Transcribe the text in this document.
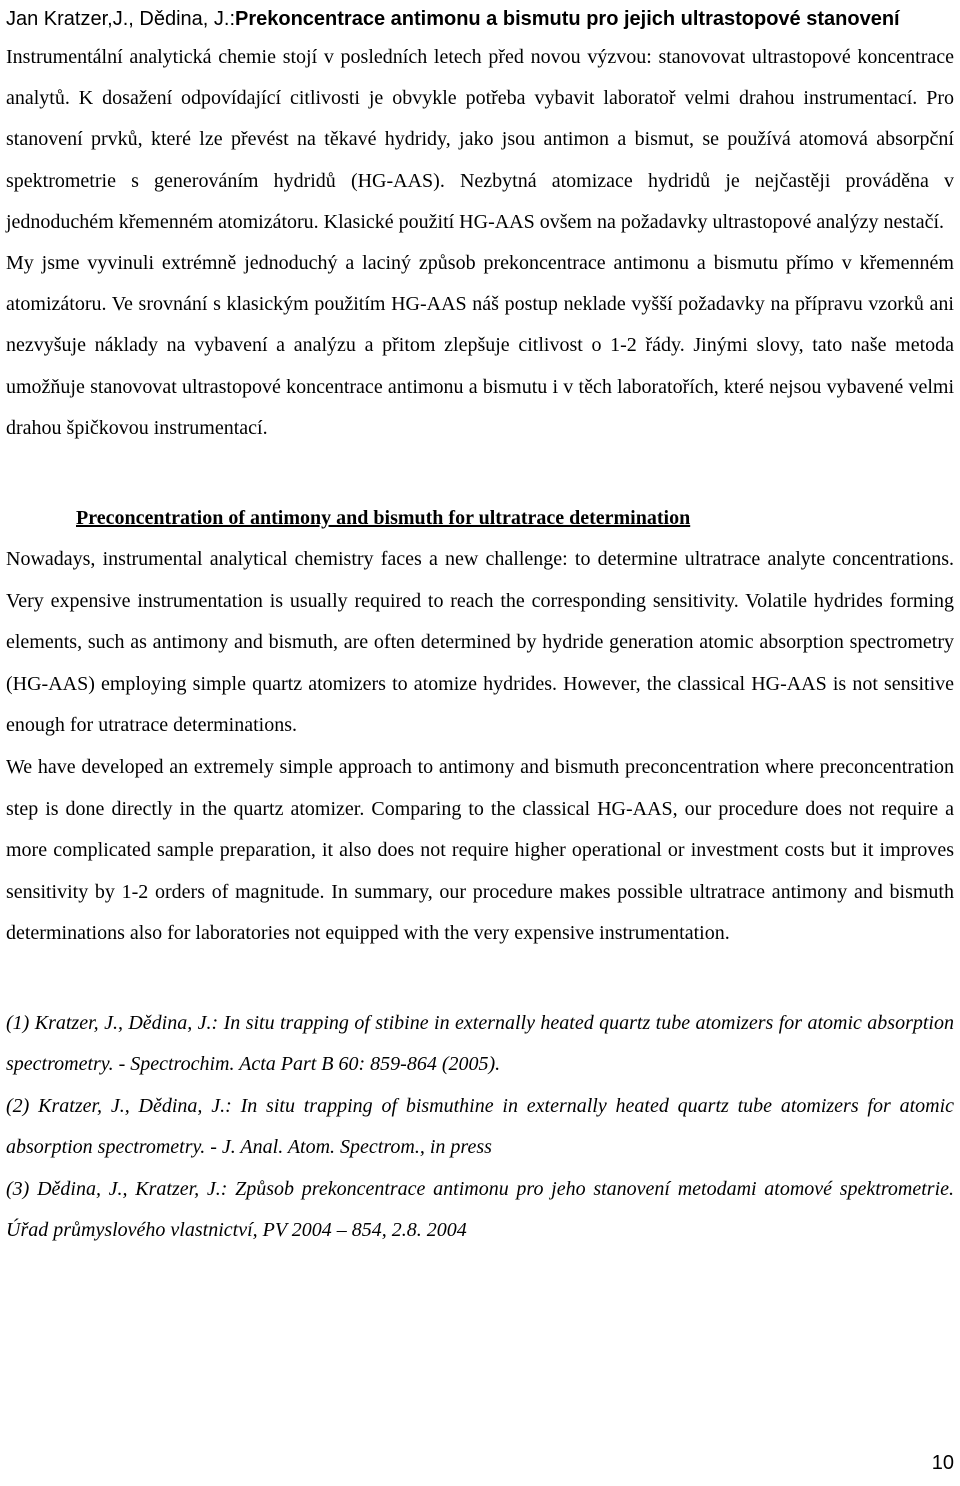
Jan Kratzer,J., Dědina, J.:Prekoncentrace antimonu a bismutu pro jejich ultrastopové stanovení

Instrumentální analytická chemie stojí v posledních letech před novou výzvou: stanovovat ultrastopové koncentrace analytů. K dosažení odpovídající citlivosti je obvykle potřeba vybavit laboratoř velmi drahou instrumentací. Pro stanovení prvků, které lze převést na těkavé hydridy, jako jsou antimon a bismut, se používá atomová absorpční spektrometrie s generováním hydridů (HG-AAS). Nezbytná atomizace hydridů je nejčastěji prováděna v jednoduchém křemenném atomizátoru. Klasické použití HG-AAS ovšem na požadavky ultrastopové analýzy nestačí.

My jsme vyvinuli extrémně jednoduchý a laciný způsob prekoncentrace antimonu a bismutu přímo v křemenném atomizátoru. Ve srovnání s klasickým použitím HG-AAS náš postup neklade vyšší požadavky na přípravu vzorků ani nezvyšuje náklady na vybavení a analýzu a přitom zlepšuje citlivost o 1-2 řády. Jinými slovy, tato naše metoda umožňuje stanovovat ultrastopové koncentrace antimonu a bismutu i v těch laboratořích, které nejsou vybavené velmi drahou špičkovou instrumentací.

Preconcentration of antimony and bismuth for ultratrace determination

Nowadays, instrumental analytical chemistry faces a new challenge: to determine ultratrace analyte concentrations. Very expensive instrumentation is usually required to reach the corresponding sensitivity. Volatile hydrides forming elements, such as antimony and bismuth, are often determined by hydride generation atomic absorption spectrometry (HG-AAS) employing simple quartz atomizers to atomize hydrides. However, the classical HG-AAS is not sensitive enough for utratrace determinations.

We have developed an extremely simple approach to antimony and bismuth preconcentration where preconcentration step is done directly in the quartz atomizer. Comparing to the classical HG-AAS, our procedure does not require a more complicated sample preparation, it also does not require higher operational or investment costs but it improves sensitivity by 1-2 orders of magnitude. In summary, our procedure makes possible ultratrace antimony and bismuth determinations also for laboratories not equipped with the very expensive instrumentation.

(1) Kratzer, J., Dědina, J.: In situ trapping of stibine in externally heated quartz tube atomizers for atomic absorption spectrometry. - Spectrochim. Acta Part B 60: 859-864 (2005).

(2) Kratzer, J., Dědina, J.: In situ trapping of bismuthine in externally heated quartz tube atomizers for atomic absorption spectrometry. - J. Anal. Atom. Spectrom., in press

(3) Dědina, J., Kratzer, J.: Způsob prekoncentrace antimonu pro jeho stanovení metodami atomové spektrometrie. Úřad průmyslového vlastnictví, PV 2004 – 854, 2.8. 2004

10
